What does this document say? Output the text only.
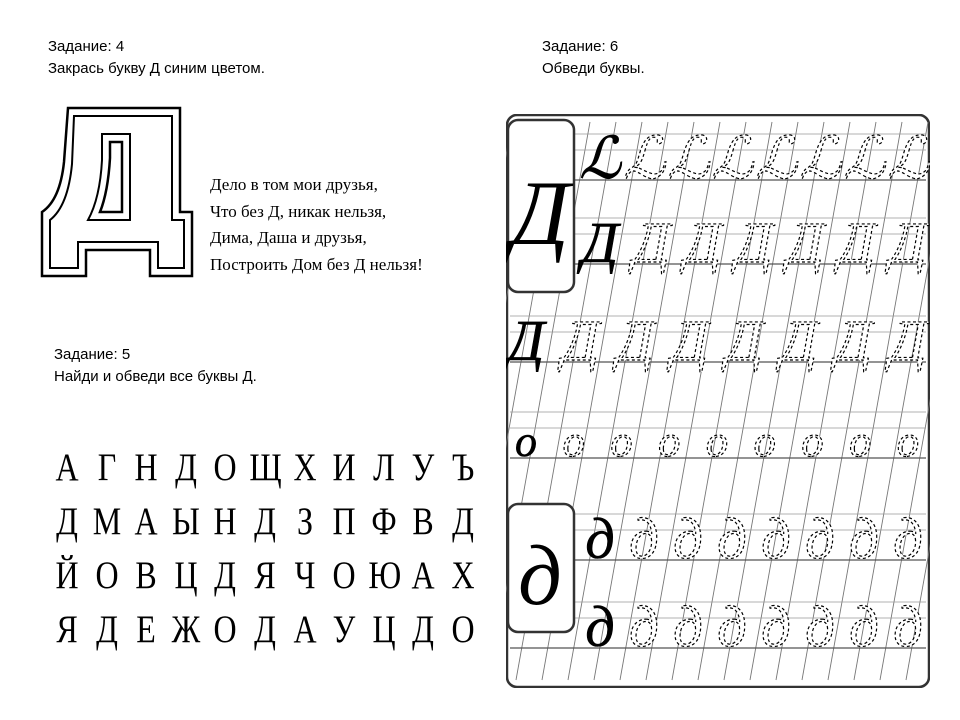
Задание: 4
Закрась букву Д синим цветом.
Дело в том мои друзья,
Что без Д, никак нельзя,
Дима, Даша и друзья,
Построить Дом без Д нельзя!
Задание: 5
Найди и обведи все буквы Д.
А Г Н Д О Щ Х И Л У Ъ
Д М А Ы Н Д З П Ф В Д
Й О В Ц Д Я Ч О Ю А Х
Я Д Е Ж О Д А У Ц Д О
Задание: 6
Обведи буквы.
Д
д
ℒ ℒ ℒ ℒ ℒ ℒ ℒ ℒ
Д Д Д Д Д Д Д
Д Д Д Д Д Д Д Д
о о о о о о о о о
д д д д д д д д
д д д д д д д д
